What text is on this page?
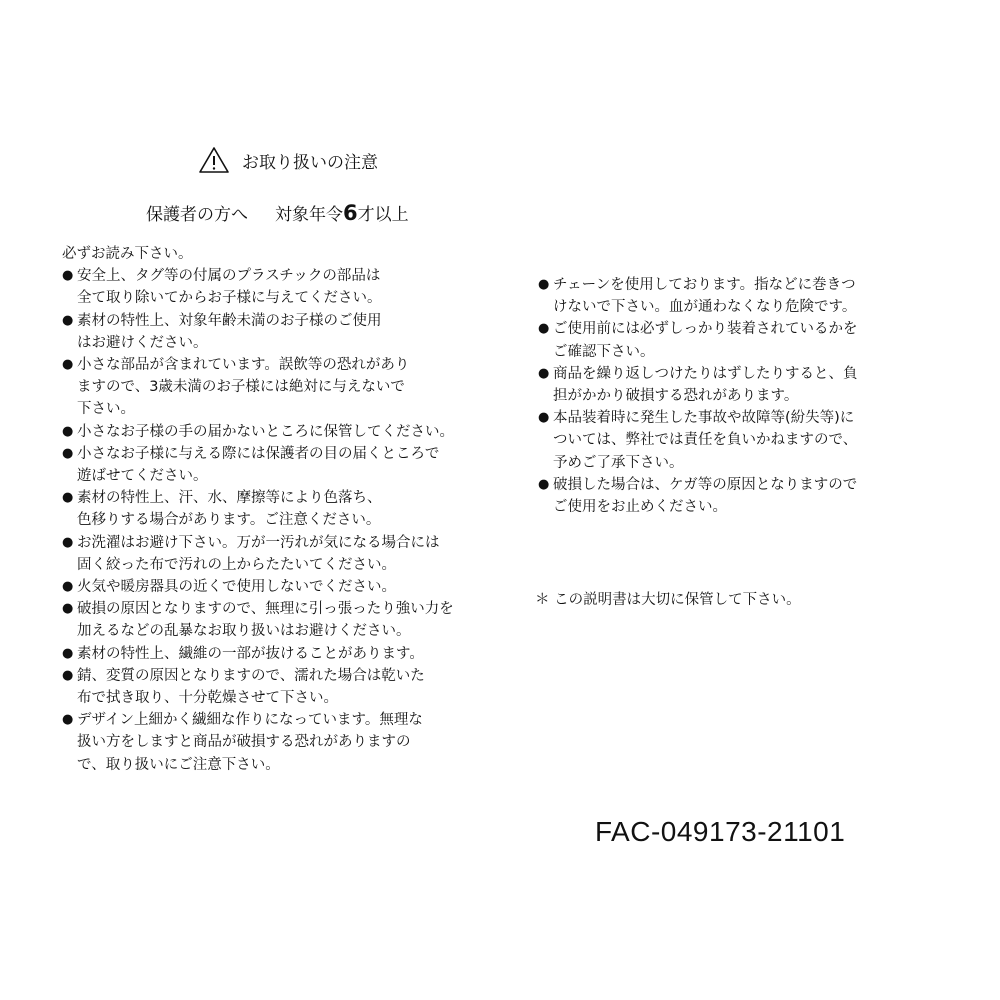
お取り扱いの注意
保護者の方へ 対象年令6才以上
必ずお読み下さい。
● 安全上、タグ等の付属のプラスチックの部品は
全て取り除いてからお子様に与えてください。
● 素材の特性上、対象年齢未満のお子様のご使用
はお避けください。
● 小さな部品が含まれています。誤飲等の恐れがあり
ますので、3歳未満のお子様には絶対に与えないで
下さい。
● 小さなお子様の手の届かないところに保管してください。
● 小さなお子様に与える際には保護者の目の届くところで
遊ばせてください。
● 素材の特性上、汗、水、摩擦等により色落ち、
色移りする場合があります。ご注意ください。
● お洗濯はお避け下さい。万が一汚れが気になる場合には
固く絞った布で汚れの上からたたいてください。
● 火気や暖房器具の近くで使用しないでください。
● 破損の原因となりますので、無理に引っ張ったり強い力を
加えるなどの乱暴なお取り扱いはお避けください。
● 素材の特性上、繊維の一部が抜けることがあります。
● 錆、変質の原因となりますので、濡れた場合は乾いた
布で拭き取り、十分乾燥させて下さい。
● デザイン上細かく繊細な作りになっています。無理な
扱い方をしますと商品が破損する恐れがありますの
で、取り扱いにご注意下さい。
● チェーンを使用しております。指などに巻きつ
けないで下さい。血が通わなくなり危険です。
● ご使用前には必ずしっかり装着されているかを
ご確認下さい。
● 商品を繰り返しつけたりはずしたりすると、負
担がかかり破損する恐れがあります。
● 本品装着時に発生した事故や故障等(紛失等)に
ついては、弊社では責任を負いかねますので、
予めご了承下さい。
● 破損した場合は、ケガ等の原因となりますので
ご使用をお止めください。
＊ この説明書は大切に保管して下さい。
FAC-049173-21101
